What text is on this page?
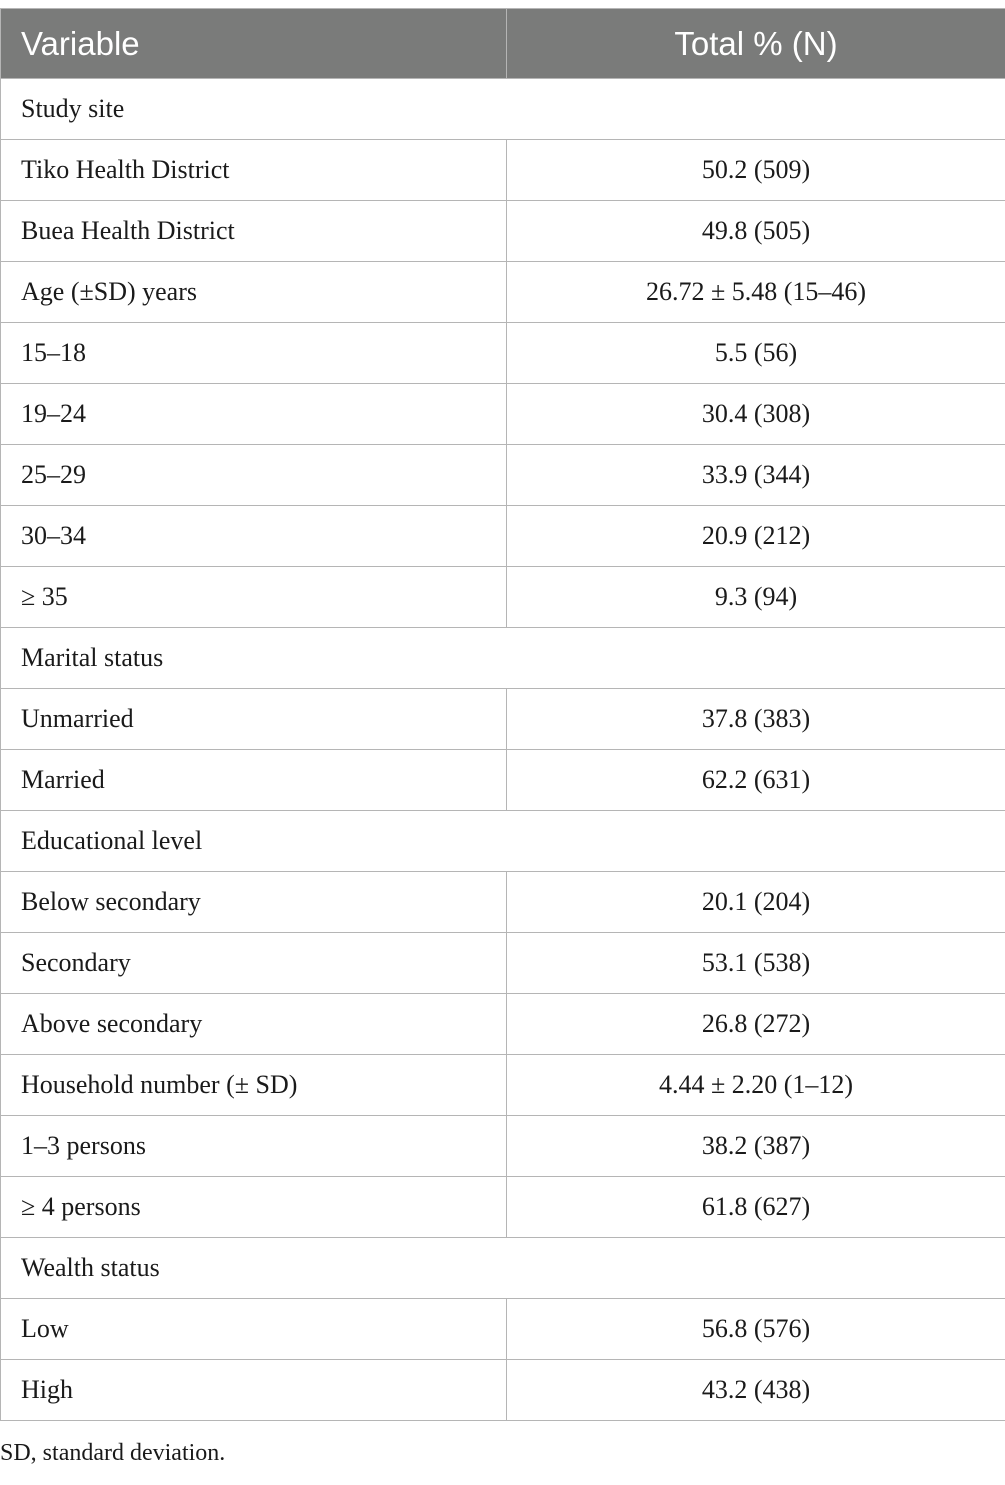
Variable	Total % (N)
Study site	
Tiko Health District	50.2 (509)
Buea Health District	49.8 (505)
Age (±SD) years	26.72 ± 5.48 (15–46)
15–18	5.5 (56)
19–24	30.4 (308)
25–29	33.9 (344)
30–34	20.9 (212)
≥ 35	9.3 (94)
Marital status	
Unmarried	37.8 (383)
Married	62.2 (631)
Educational level	
Below secondary	20.1 (204)
Secondary	53.1 (538)
Above secondary	26.8 (272)
Household number (± SD)	4.44 ± 2.20 (1–12)
1–3 persons	38.2 (387)
≥ 4 persons	61.8 (627)
Wealth status	
Low	56.8 (576)
High	43.2 (438)
SD, standard deviation.
